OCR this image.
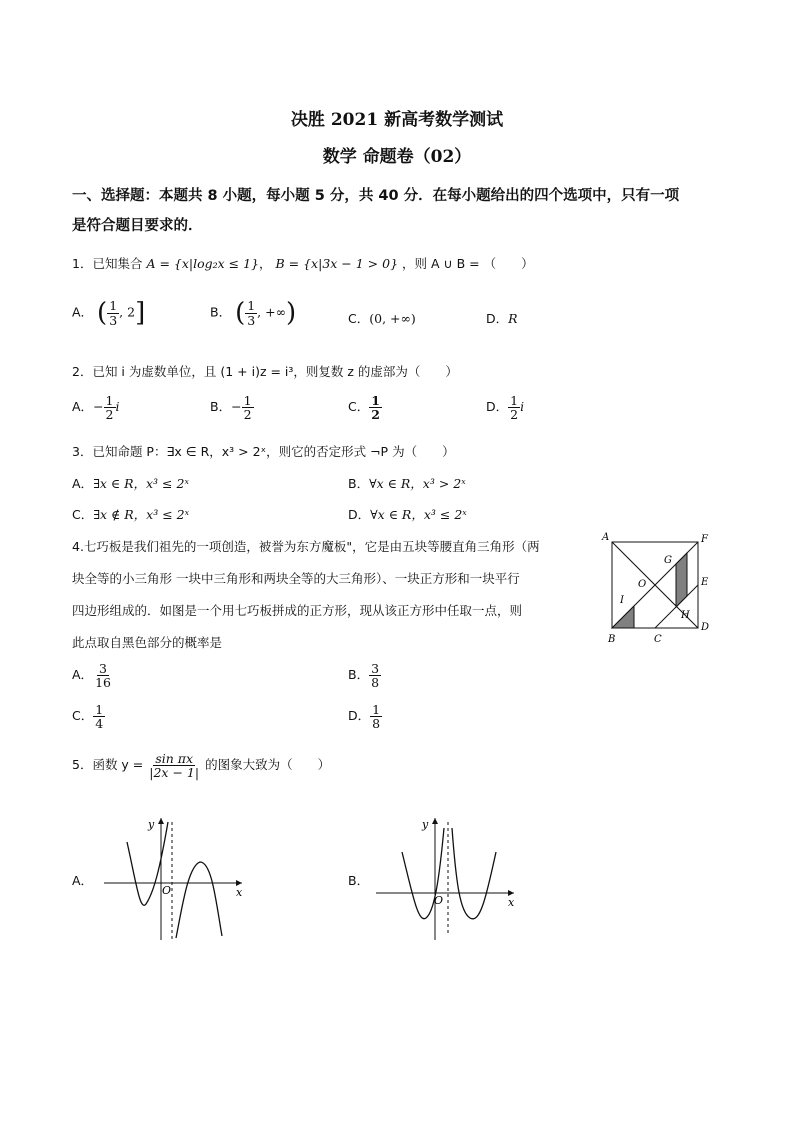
决胜 2021 新高考数学测试
数学 命题卷（02）
一、选择题：本题共 8 小题，每小题 5 分，共 40 分．在每小题给出的四个选项中，只有一项
是符合题目要求的．
1．已知集合 A = {x|log₂x ≤ 1}， B = {x|3x − 1 > 0} ，则 A ∪ B = （　　）
A． ( $\frac{1}{3}$ , 2]	B． ( $\frac{1}{3}$ , +∞)	C．(0, +∞)	D．R
2．已知 i 为虚数单位，且 (1 + i)z = i³，则复数 z 的虚部为（　　）
A．− $\frac{1}{2}$ i	B．− $\frac{1}{2}$	C． $\frac{1}{2}$	D． $\frac{1}{2}$ i
3．已知命题 P：∃x ∈ R，x³ > 2ˣ，则它的否定形式 ¬P 为（　　）
A．∃x ∈ R，x³ ≤ 2ˣ	B．∀x ∈ R，x³ > 2ˣ
C．∃x ∉ R，x³ ≤ 2ˣ	D．∀x ∈ R，x³ ≤ 2ˣ
4.七巧板是我们祖先的一项创造，被誉为东方魔板"，它是由五块等腰直角三角形（两
块全等的小三角形 一块中三角形和两块全等的大三角形）、一块正方形和一块平行
四边形组成的．如图是一个用七巧板拼成的正方形，现从该正方形中任取一点，则
此点取自黑色部分的概率是
A	F
G
O	E
I
H
B	C
D
A． $\frac{3}{16}$	B． $\frac{3}{8}$
C． $\frac{1}{4}$	D． $\frac{1}{8}$
5．函数 $y = \frac{\text{sin πx}}{|2x - 1|}$ 的图象大致为（　　）
A．
O	x
y
B．
O	x
y
